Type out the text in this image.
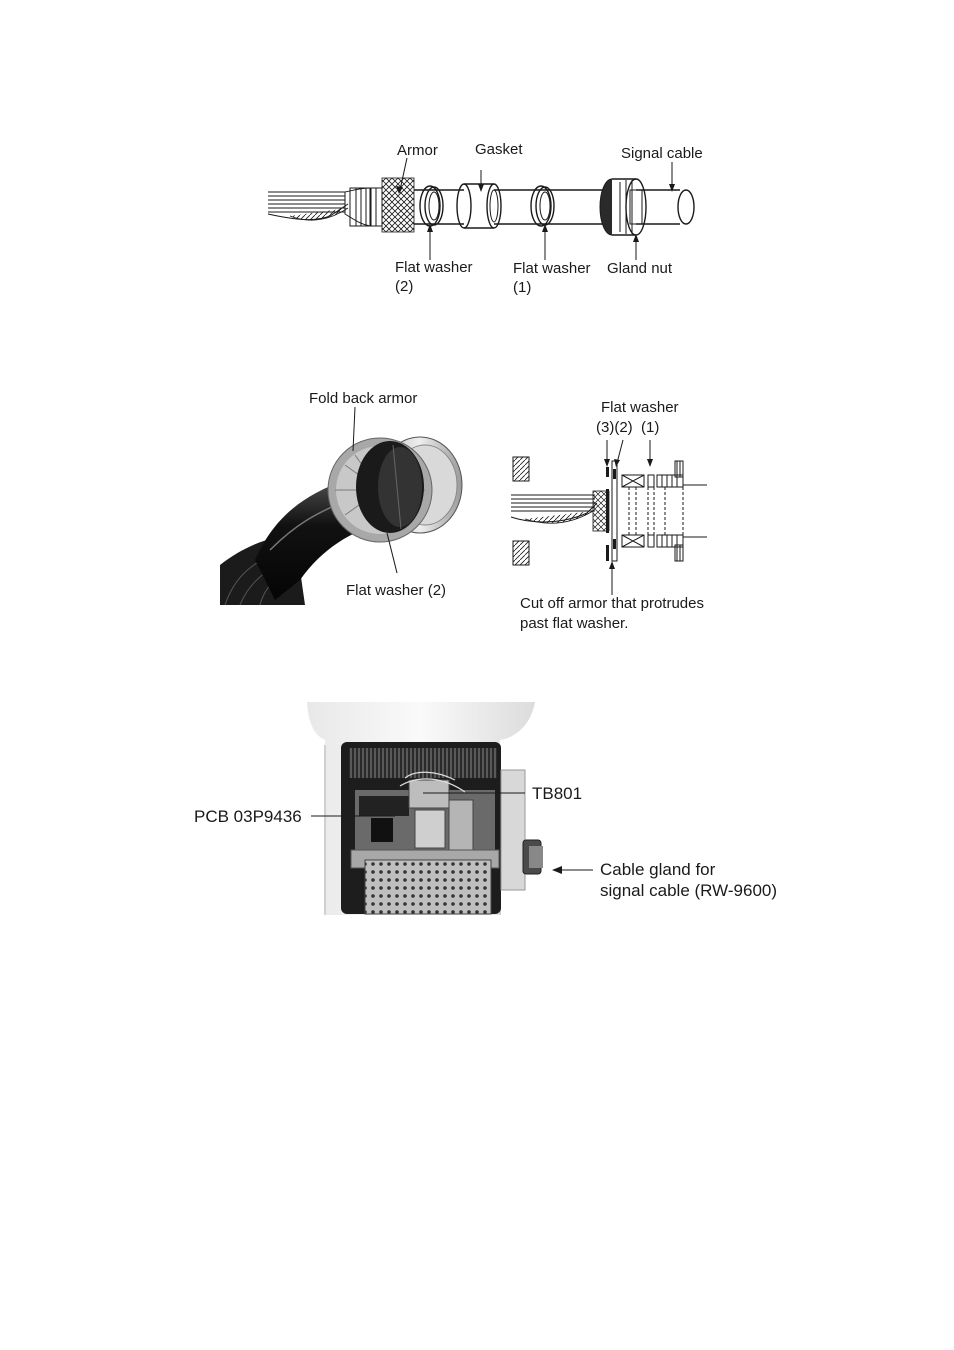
Armor Gasket	Signal cable
Flat washer
(2)
Flat washer
(1)
Gland nut
Fold back armor
Flat washer (2)
Flat washer
(3)(2)  (1)
Cut off armor that protrudes
past flat washer.
TB801
PCB 03P9436
Cable gland for
signal cable (RW-9600)
